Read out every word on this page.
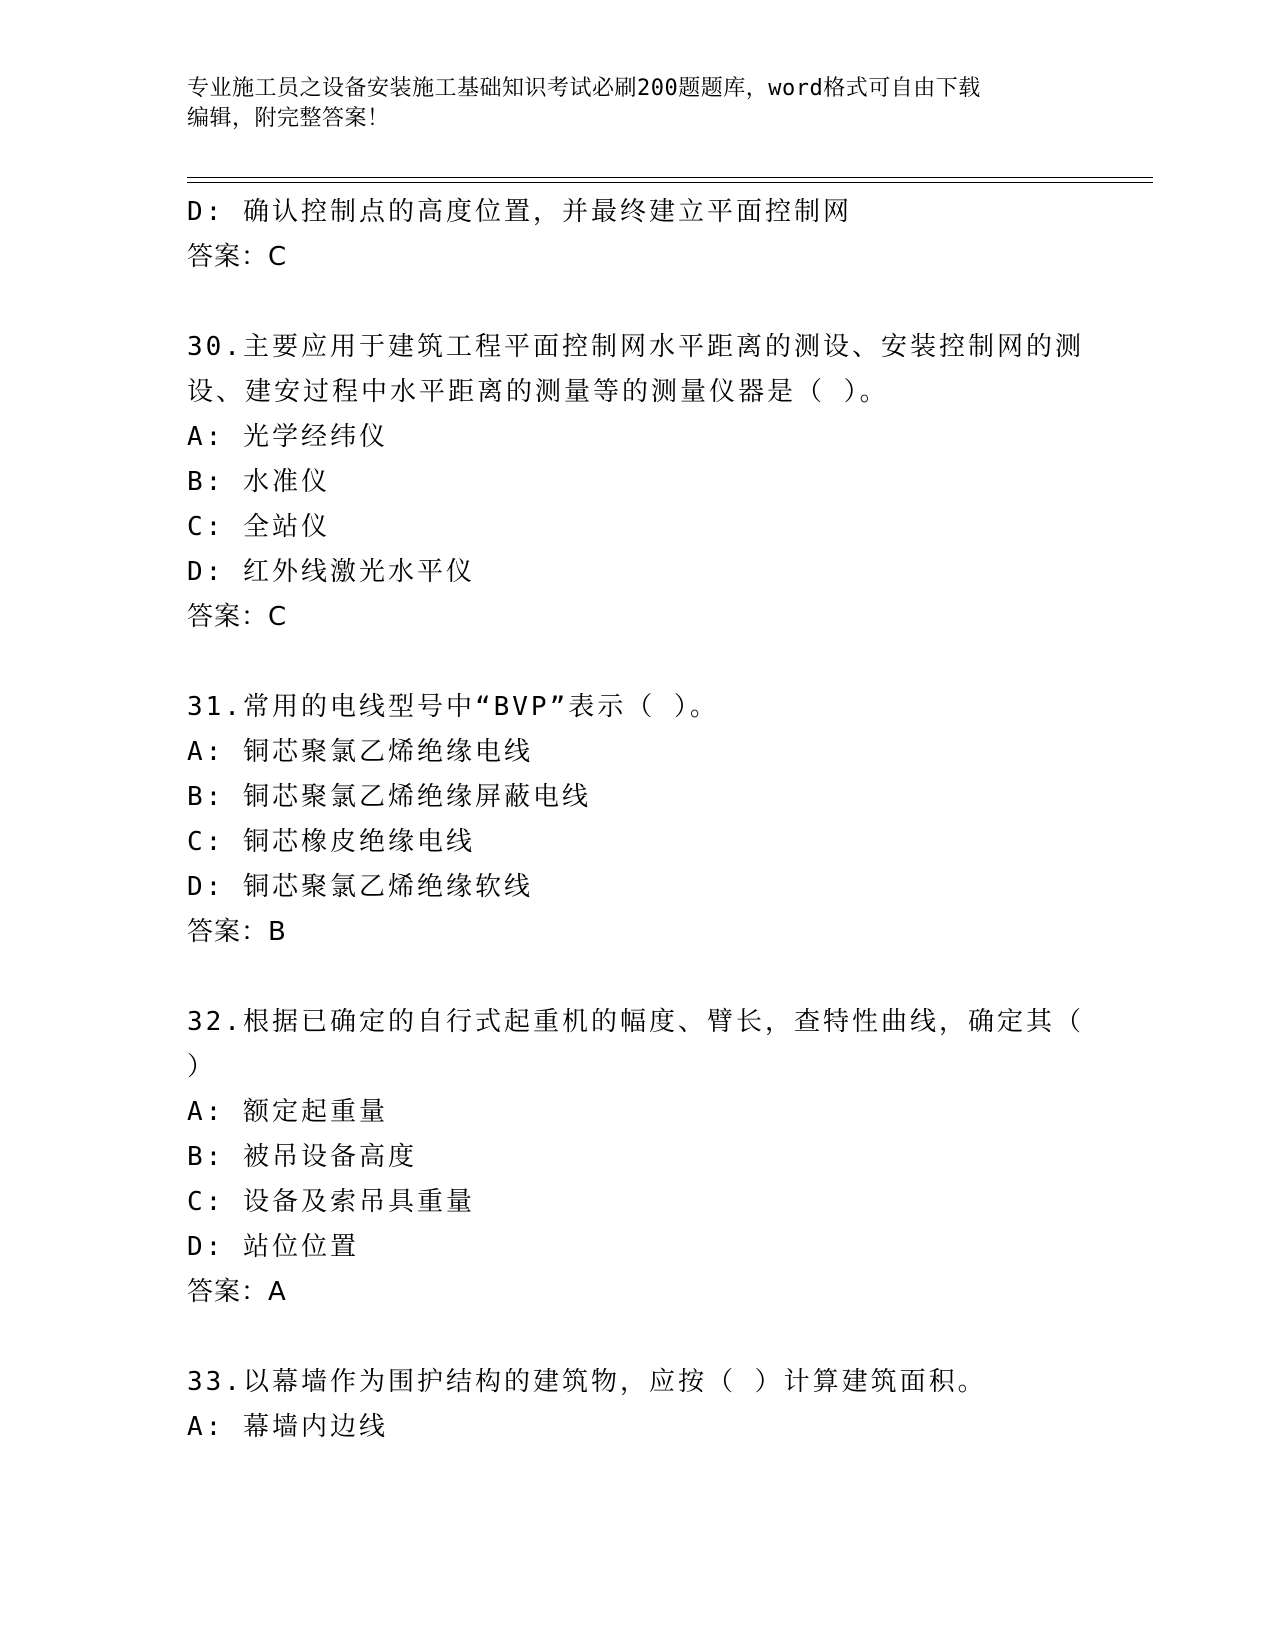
专业施工员之设备安装施工基础知识考试必刷200题题库，word格式可自由下载
编辑，附完整答案！
D: 确认控制点的高度位置，并最终建立平面控制网
答案：C
30.主要应用于建筑工程平面控制网水平距离的测设、安装控制网的测
设、建安过程中水平距离的测量等的测量仪器是（ ）。
A: 光学经纬仪
B: 水准仪
C: 全站仪
D: 红外线激光水平仪
答案：C
31.常用的电线型号中“BVP”表示（ ）。
A: 铜芯聚氯乙烯绝缘电线
B: 铜芯聚氯乙烯绝缘屏蔽电线
C: 铜芯橡皮绝缘电线
D: 铜芯聚氯乙烯绝缘软线
答案：B
32.根据已确定的自行式起重机的幅度、臂长，查特性曲线，确定其（
）
A: 额定起重量
B: 被吊设备高度
C: 设备及索吊具重量
D: 站位位置
答案：A
33.以幕墙作为围护结构的建筑物，应按（ ）计算建筑面积。
A: 幕墙内边线
